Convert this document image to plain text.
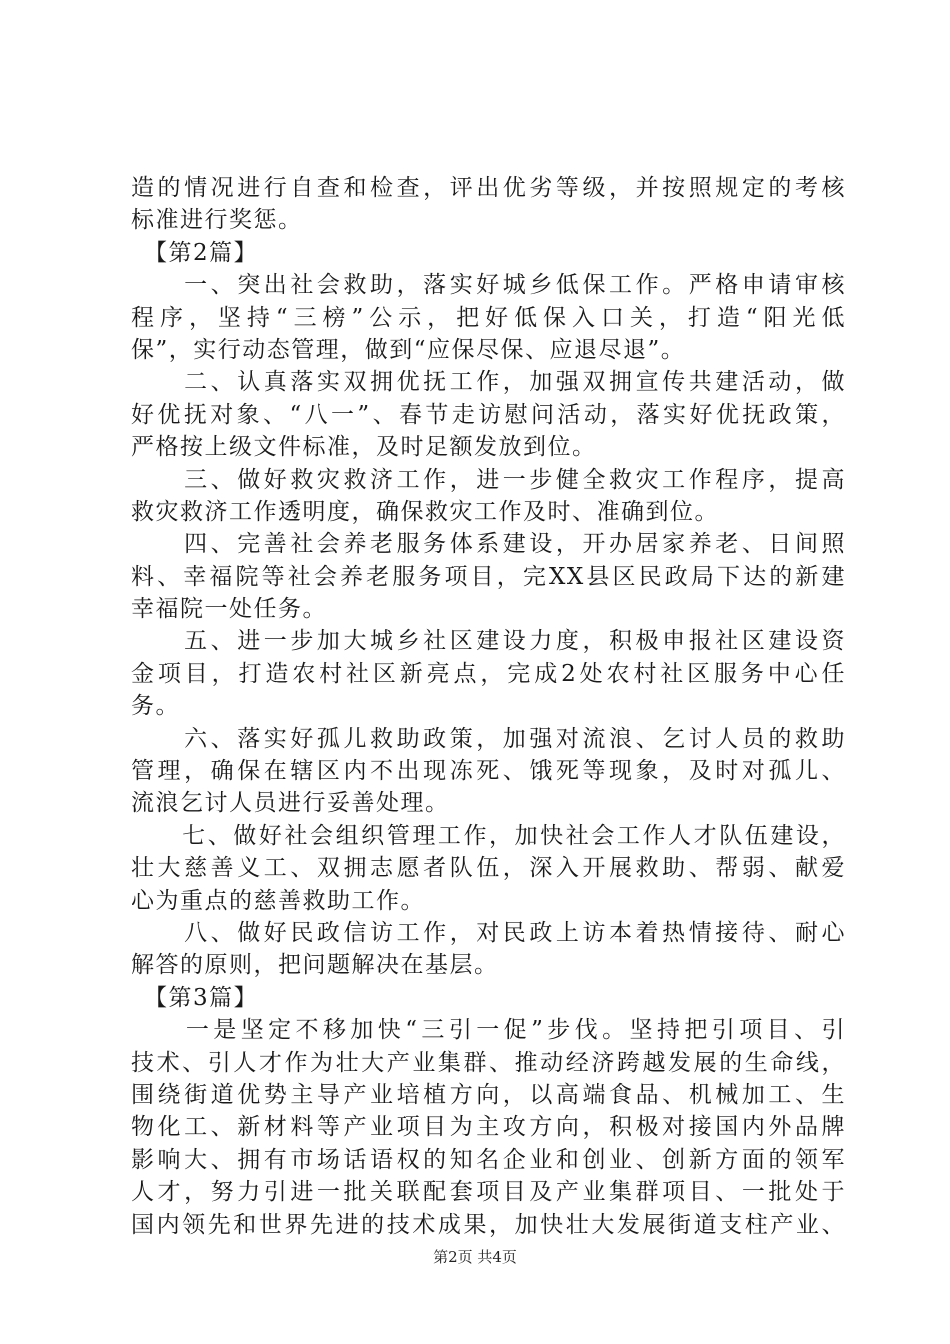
造的情况进行自查和检查，评出优劣等级，并按照规定的考核
标准进行奖惩。
　【第2篇】
　　一、突出社会救助，落实好城乡低保工作。严格申请审核
程序，坚持“三榜”公示，把好低保入口关，打造“阳光低
保”，实行动态管理，做到“应保尽保、应退尽退”。
　　二、认真落实双拥优抚工作，加强双拥宣传共建活动，做
好优抚对象、“八一”、春节走访慰问活动，落实好优抚政策，
严格按上级文件标准，及时足额发放到位。
　　三、做好救灾救济工作，进一步健全救灾工作程序，提高
救灾救济工作透明度，确保救灾工作及时、准确到位。
　　四、完善社会养老服务体系建设，开办居家养老、日间照
料、幸福院等社会养老服务项目，完XX县区民政局下达的新建
幸福院一处任务。
　　五、进一步加大城乡社区建设力度，积极申报社区建设资
金项目，打造农村社区新亮点，完成2处农村社区服务中心任
务。
　　六、落实好孤儿救助政策，加强对流浪、乞讨人员的救助
管理，确保在辖区内不出现冻死、饿死等现象，及时对孤儿、
流浪乞讨人员进行妥善处理。
　　七、做好社会组织管理工作，加快社会工作人才队伍建设，
壮大慈善义工、双拥志愿者队伍，深入开展救助、帮弱、献爱
心为重点的慈善救助工作。
　　八、做好民政信访工作，对民政上访本着热情接待、耐心
解答的原则，把问题解决在基层。
　【第3篇】
　　一是坚定不移加快“三引一促”步伐。坚持把引项目、引
技术、引人才作为壮大产业集群、推动经济跨越发展的生命线，
围绕街道优势主导产业培植方向，以高端食品、机械加工、生
物化工、新材料等产业项目为主攻方向，积极对接国内外品牌
影响大、拥有市场话语权的知名企业和创业、创新方面的领军
人才，努力引进一批关联配套项目及产业集群项目、一批处于
国内领先和世界先进的技术成果，加快壮大发展街道支柱产业、
第2页 共4页
